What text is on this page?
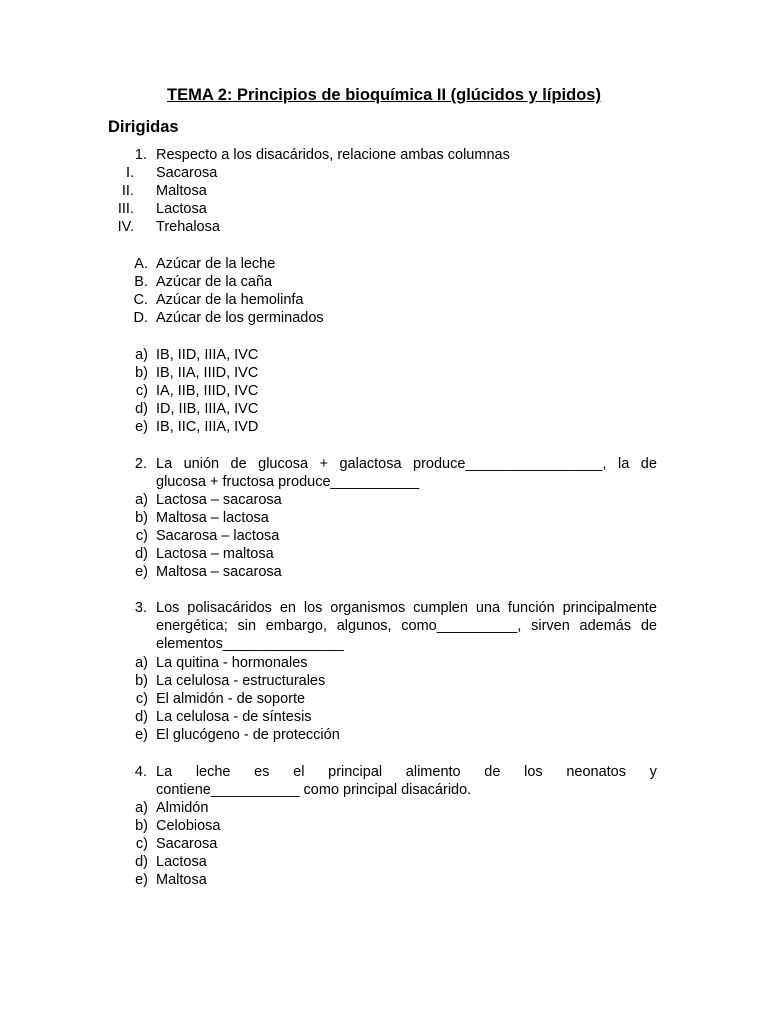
TEMA 2: Principios de bioquímica II (glúcidos y lípidos)
Dirigidas
1. Respecto a los disacáridos, relacione ambas columnas
I. Sacarosa
II. Maltosa
III. Lactosa
IV. Trehalosa
A. Azúcar de la leche
B. Azúcar de la caña
C. Azúcar de la hemolinfa
D. Azúcar de los germinados
a) IB, IID, IIIA, IVC
b) IB, IIA, IIID, IVC
c) IA, IIB, IIID, IVC
d) ID, IIB, IIIA, IVC
e) IB, IIC, IIIA, IVD
2. La unión de glucosa + galactosa produce_________________, la de
glucosa + fructosa produce___________
a) Lactosa – sacarosa
b) Maltosa – lactosa
c) Sacarosa – lactosa
d) Lactosa – maltosa
e) Maltosa – sacarosa
3. Los polisacáridos en los organismos cumplen una función principalmente
energética; sin embargo, algunos, como__________, sirven además de
elementos_______________
a) La quitina - hormonales
b) La celulosa - estructurales
c) El almidón - de soporte
d) La celulosa - de síntesis
e) El glucógeno - de protección
4. La leche es el principal alimento de los neonatos y
contiene___________ como principal disacárido.
a) Almidón
b) Celobiosa
c) Sacarosa
d) Lactosa
e) Maltosa
